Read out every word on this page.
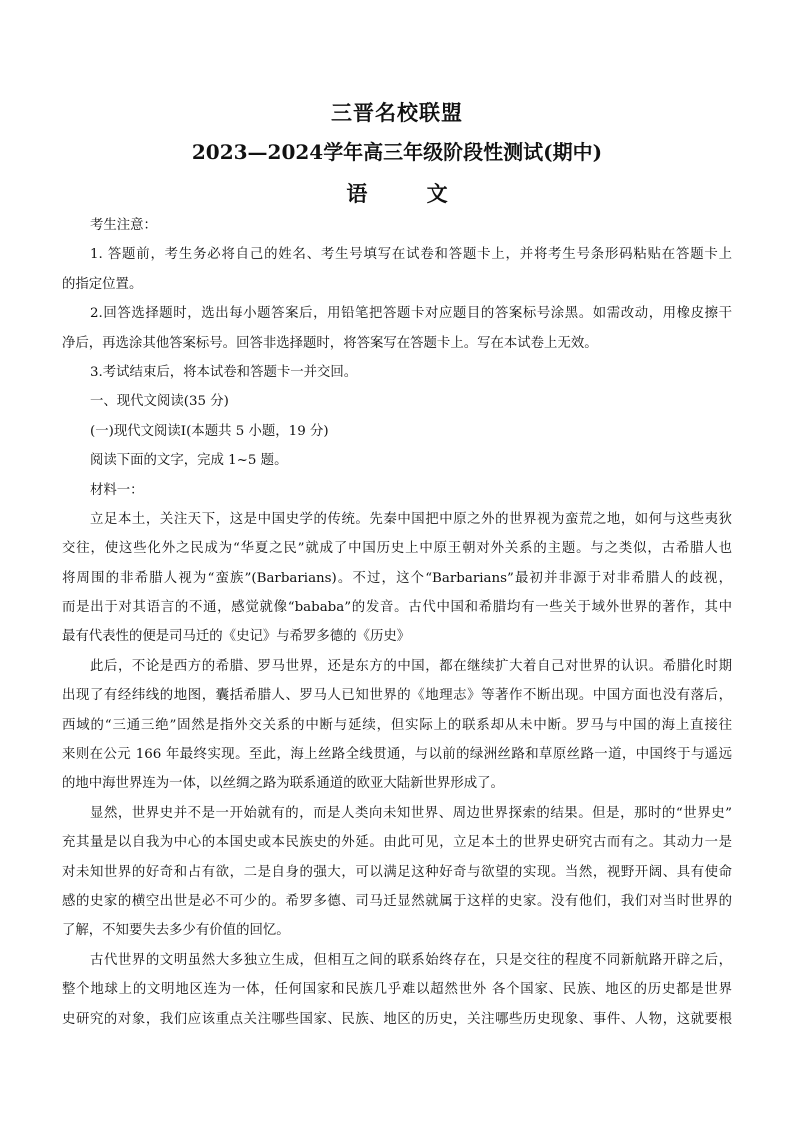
三晋名校联盟
2023—2024学年高三年级阶段性测试(期中)
语 文
考生注意：
1. 答题前，考生务必将自己的姓名、考生号填写在试卷和答题卡上，并将考生号条形码粘贴在答题卡上
的指定位置。
2.回答选择题时，选出每小题答案后，用铅笔把答题卡对应题目的答案标号涂黑。如需改动，用橡皮擦干
净后，再选涂其他答案标号。回答非选择题时，将答案写在答题卡上。写在本试卷上无效。
3.考试结束后，将本试卷和答题卡一并交回。
一、现代文阅读(35 分)
(一)现代文阅读Ⅰ(本题共 5 小题，19 分)
阅读下面的文字，完成 1~5 题。
材料一：
立足本土，关注天下，这是中国史学的传统。先秦中国把中原之外的世界视为蛮荒之地，如何与这些夷狄
交往，使这些化外之民成为“华夏之民”就成了中国历史上中原王朝对外关系的主题。与之类似，古希腊人也
将周围的非希腊人视为“蛮族”(Barbarians)。不过，这个“Barbarians”最初并非源于对非希腊人的歧视，
而是出于对其语言的不通，感觉就像“bababa”的发音。古代中国和希腊均有一些关于域外世界的著作，其中
最有代表性的便是司马迁的《史记》与希罗多德的《历史》
此后，不论是西方的希腊、罗马世界，还是东方的中国，都在继续扩大着自己对世界的认识。希腊化时期
出现了有经纬线的地图，囊括希腊人、罗马人已知世界的《地理志》等著作不断出现。中国方面也没有落后，
西域的“三通三绝”固然是指外交关系的中断与延续，但实际上的联系却从未中断。罗马与中国的海上直接往
来则在公元 166 年最终实现。至此，海上丝路全线贯通，与以前的绿洲丝路和草原丝路一道，中国终于与遥远
的地中海世界连为一体，以丝绸之路为联系通道的欧亚大陆新世界形成了。
显然，世界史并不是一开始就有的，而是人类向未知世界、周边世界探索的结果。但是，那时的“世界史”
充其量是以自我为中心的本国史或本民族史的外延。由此可见，立足本土的世界史研究古而有之。其动力一是
对未知世界的好奇和占有欲，二是自身的强大，可以满足这种好奇与欲望的实现。当然，视野开阔、具有使命
感的史家的横空出世是必不可少的。希罗多德、司马迁显然就属于这样的史家。没有他们，我们对当时世界的
了解，不知要失去多少有价值的回忆。
古代世界的文明虽然大多独立生成，但相互之间的联系始终存在，只是交往的程度不同新航路开辟之后，
整个地球上的文明地区连为一体，任何国家和民族几乎难以超然世外 各个国家、民族、地区的历史都是世界
史研究的对象，我们应该重点关注哪些国家、民族、地区的历史，关注哪些历史现象、事件、人物，这就要根
